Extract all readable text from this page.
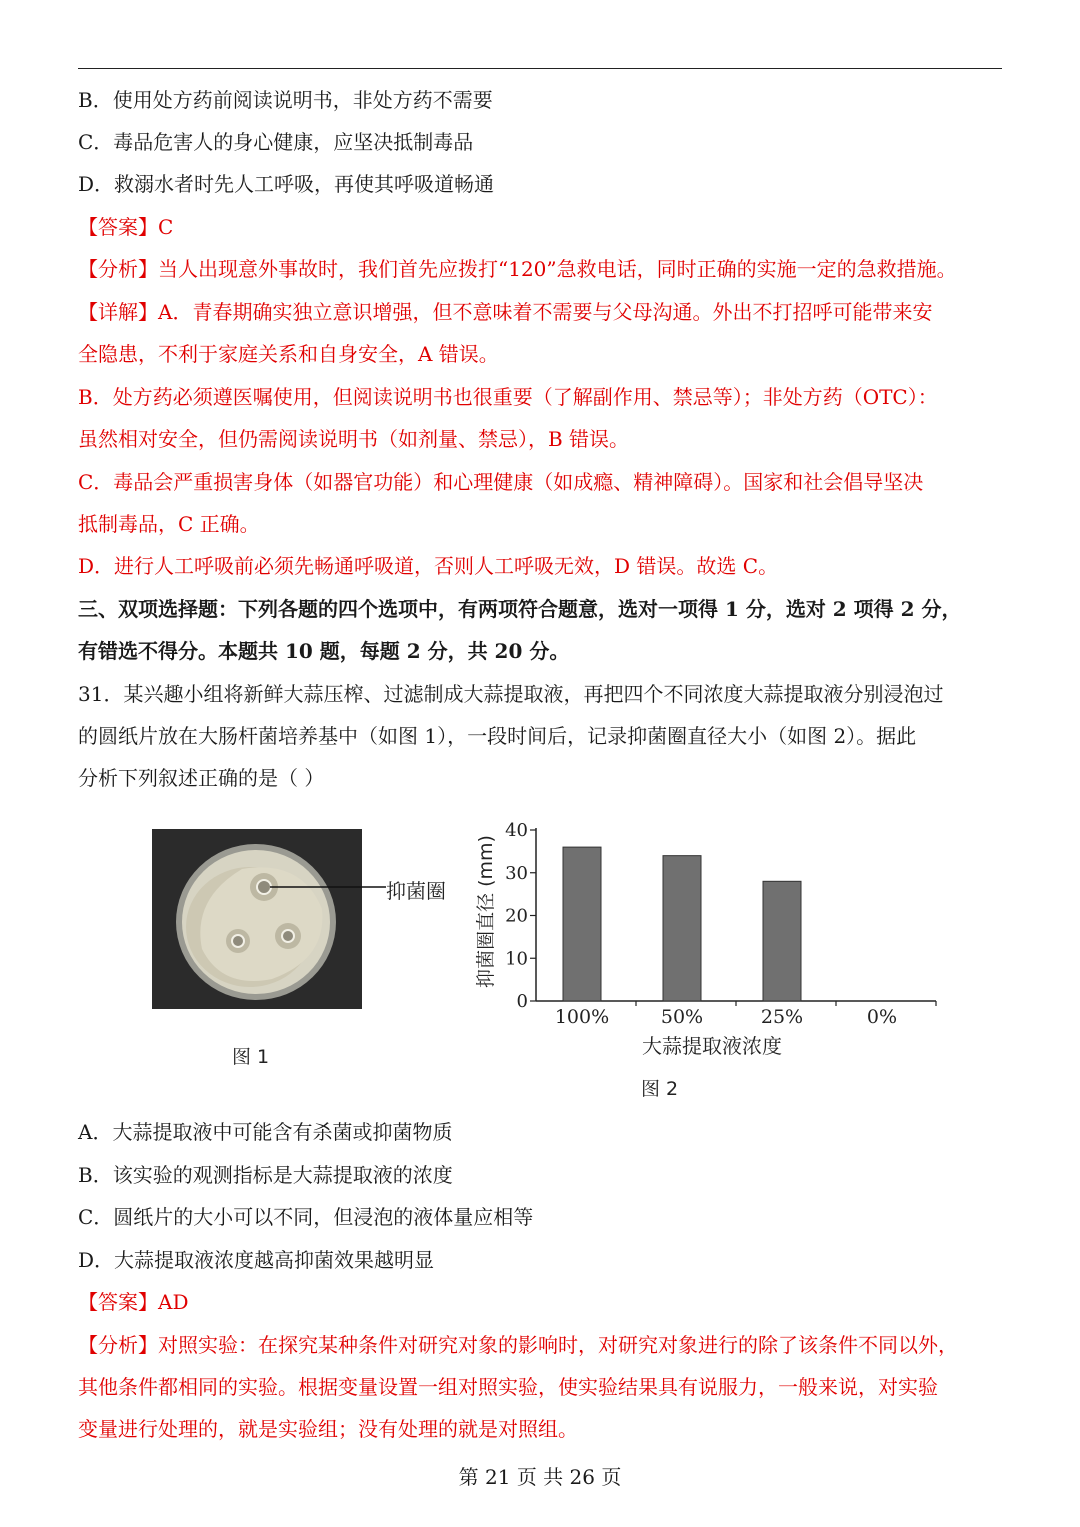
B．使用处方药前阅读说明书，非处方药不需要
C．毒品危害人的身心健康，应坚决抵制毒品
D．救溺水者时先人工呼吸，再使其呼吸道畅通
【答案】C
【分析】当人出现意外事故时，我们首先应拨打“120”急救电话，同时正确的实施一定的急救措施。
【详解】A．青春期确实独立意识增强，但不意味着不需要与父母沟通。外出不打招呼可能带来安
全隐患，不利于家庭关系和自身安全，A 错误。
B．处方药必须遵医嘱使用，但阅读说明书也很重要（了解副作用、禁忌等）；非处方药（OTC）：
虽然相对安全，但仍需阅读说明书（如剂量、禁忌），B 错误。
C．毒品会严重损害身体（如器官功能）和心理健康（如成瘾、精神障碍）。国家和社会倡导坚决
抵制毒品，C 正确。
D．进行人工呼吸前必须先畅通呼吸道，否则人工呼吸无效，D 错误。故选 C。
三、双项选择题：下列各题的四个选项中，有两项符合题意，选对一项得 1 分，选对 2 项得 2 分，
有错选不得分。本题共 10 题，每题 2 分，共 20 分。
31．某兴趣小组将新鲜大蒜压榨、过滤制成大蒜提取液，再把四个不同浓度大蒜提取液分别浸泡过
的圆纸片放在大肠杆菌培养基中（如图 1），一段时间后，记录抑菌圈直径大小（如图 2）。据此
分析下列叙述正确的是（ ）
抑菌圈
图 1
0
10
20
30
40
100%	50%	25%	0%
大蒜提取液浓度
抑菌圈直径 (mm)
图 2
A．大蒜提取液中可能含有杀菌或抑菌物质
B．该实验的观测指标是大蒜提取液的浓度
C．圆纸片的大小可以不同，但浸泡的液体量应相等
D．大蒜提取液浓度越高抑菌效果越明显
【答案】AD
【分析】对照实验：在探究某种条件对研究对象的影响时，对研究对象进行的除了该条件不同以外，
其他条件都相同的实验。根据变量设置一组对照实验，使实验结果具有说服力，一般来说，对实验
变量进行处理的，就是实验组；没有处理的就是对照组。
第 21 页 共 26 页
